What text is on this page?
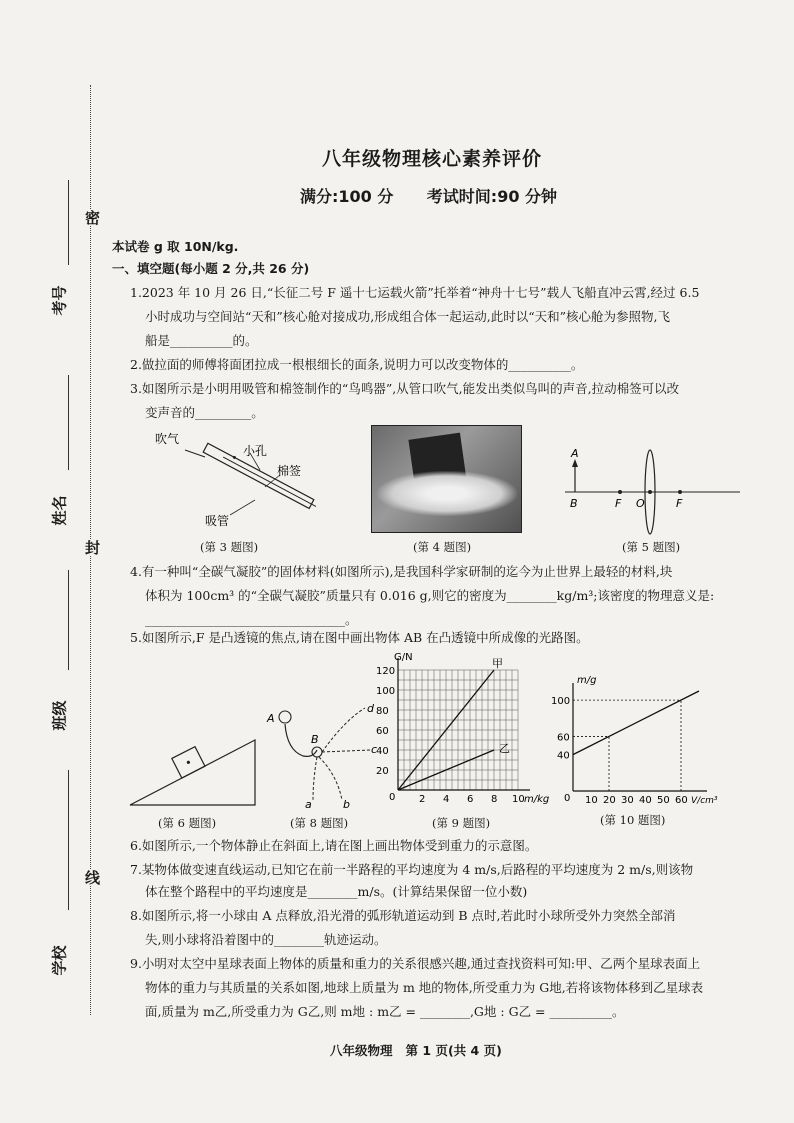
密
封
线
考号
姓名
班级
学校
八年级物理核心素养评价
满分:100 分      考试时间:90 分钟
本试卷 g 取 10N/kg.
一、填空题(每小题 2 分,共 26 分)
1.2023 年 10 月 26 日,“长征二号 F 遥十七运载火箭”托举着“神舟十七号”载人飞船直冲云霄,经过 6.5
小时成功与空间站“天和”核心舱对接成功,形成组合体一起运动,此时以“天和”核心舱为参照物,飞
船是__________的。
2.做拉面的师傅将面团拉成一根根细长的面条,说明力可以改变物体的__________。
3.如图所示是小明用吸管和棉签制作的“鸟鸣器”,从管口吹气,能发出类似鸟叫的声音,拉动棉签可以改
变声音的_________。
吹气
小孔
棉签
吸管
(第 3 题图)	(第 4 题图)
A
B	F O	F
(第 5 题图)
4.有一种叫“全碳气凝胶”的固体材料(如图所示),是我国科学家研制的迄今为止世界上最轻的材料,块
体积为 100cm³ 的“全碳气凝胶”质量只有 0.016 g,则它的密度为________kg/m³;该密度的物理意义是:
________________________________。
5.如图所示,F 是凸透镜的焦点,请在图中画出物体 AB 在凸透镜中所成像的光路图。
(第 6 题图)
A
B
a	b
c
d
(第 8 题图)
G/N
m/kg
0 2 4 6 8 10
20
40
60
80
100
120
甲
乙
(第 9 题图)
m/g
V/cm³
0 10 20 30 40 50 60
40
60
100
(第 10 题图)
6.如图所示,一个物体静止在斜面上,请在图上画出物体受到重力的示意图。
7.某物体做变速直线运动,已知它在前一半路程的平均速度为 4 m/s,后路程的平均速度为 2 m/s,则该物
体在整个路程中的平均速度是________m/s。(计算结果保留一位小数)
8.如图所示,将一小球由 A 点释放,沿光滑的弧形轨道运动到 B 点时,若此时小球所受外力突然全部消
失,则小球将沿着图中的________轨迹运动。
9.小明对太空中星球表面上物体的质量和重力的关系很感兴趣,通过查找资料可知:甲、乙两个星球表面上
物体的重力与其质量的关系如图,地球上质量为 m 地的物体,所受重力为 G地,若将该物体移到乙星球表
面,质量为 m乙,所受重力为 G乙,则 m地 : m乙 = ________,G地 : G乙 = __________。
八年级物理   第 1 页(共 4 页)
